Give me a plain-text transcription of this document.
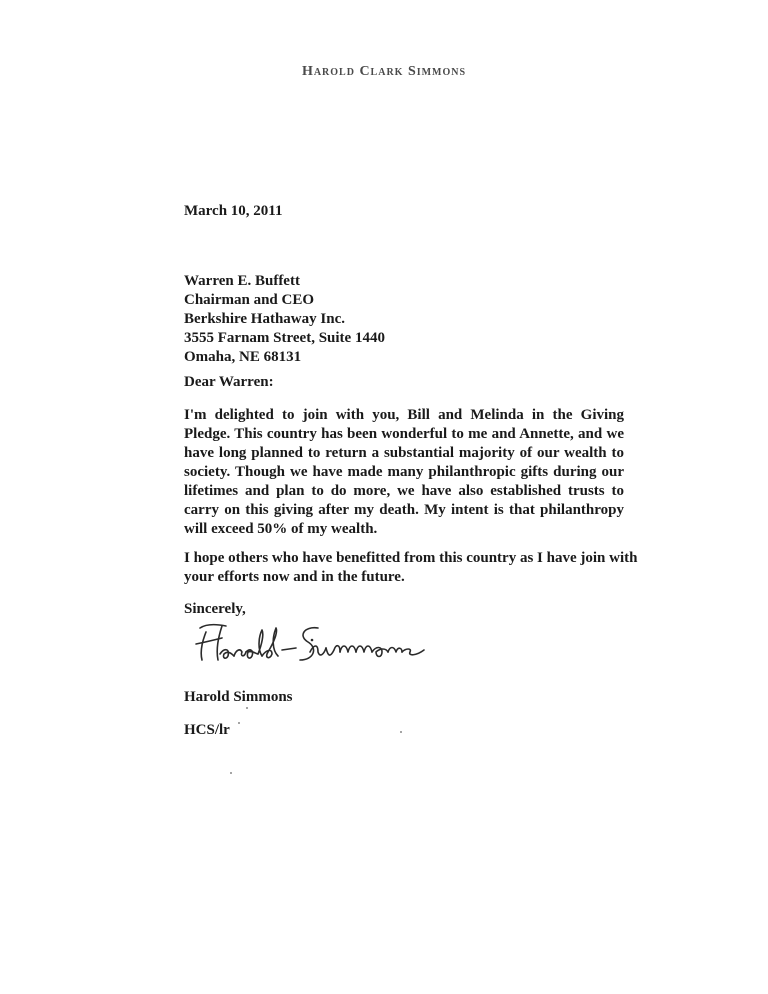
Harold Clark Simmons
March 10, 2011
Warren E. Buffett
Chairman and CEO
Berkshire Hathaway Inc.
3555 Farnam Street, Suite 1440
Omaha, NE 68131
Dear Warren:
I'm delighted to join with you, Bill and Melinda in the Giving Pledge. This country has been wonderful to me and Annette, and we have long planned to return a substantial majority of our wealth to society. Though we have made many philanthropic gifts during our lifetimes and plan to do more, we have also established trusts to carry on this giving after my death. My intent is that philanthropy will exceed 50% of my wealth.
I hope others who have benefitted from this country as I have join with your efforts now and in the future.
Sincerely,
Harold Simmons
HCS/lr
